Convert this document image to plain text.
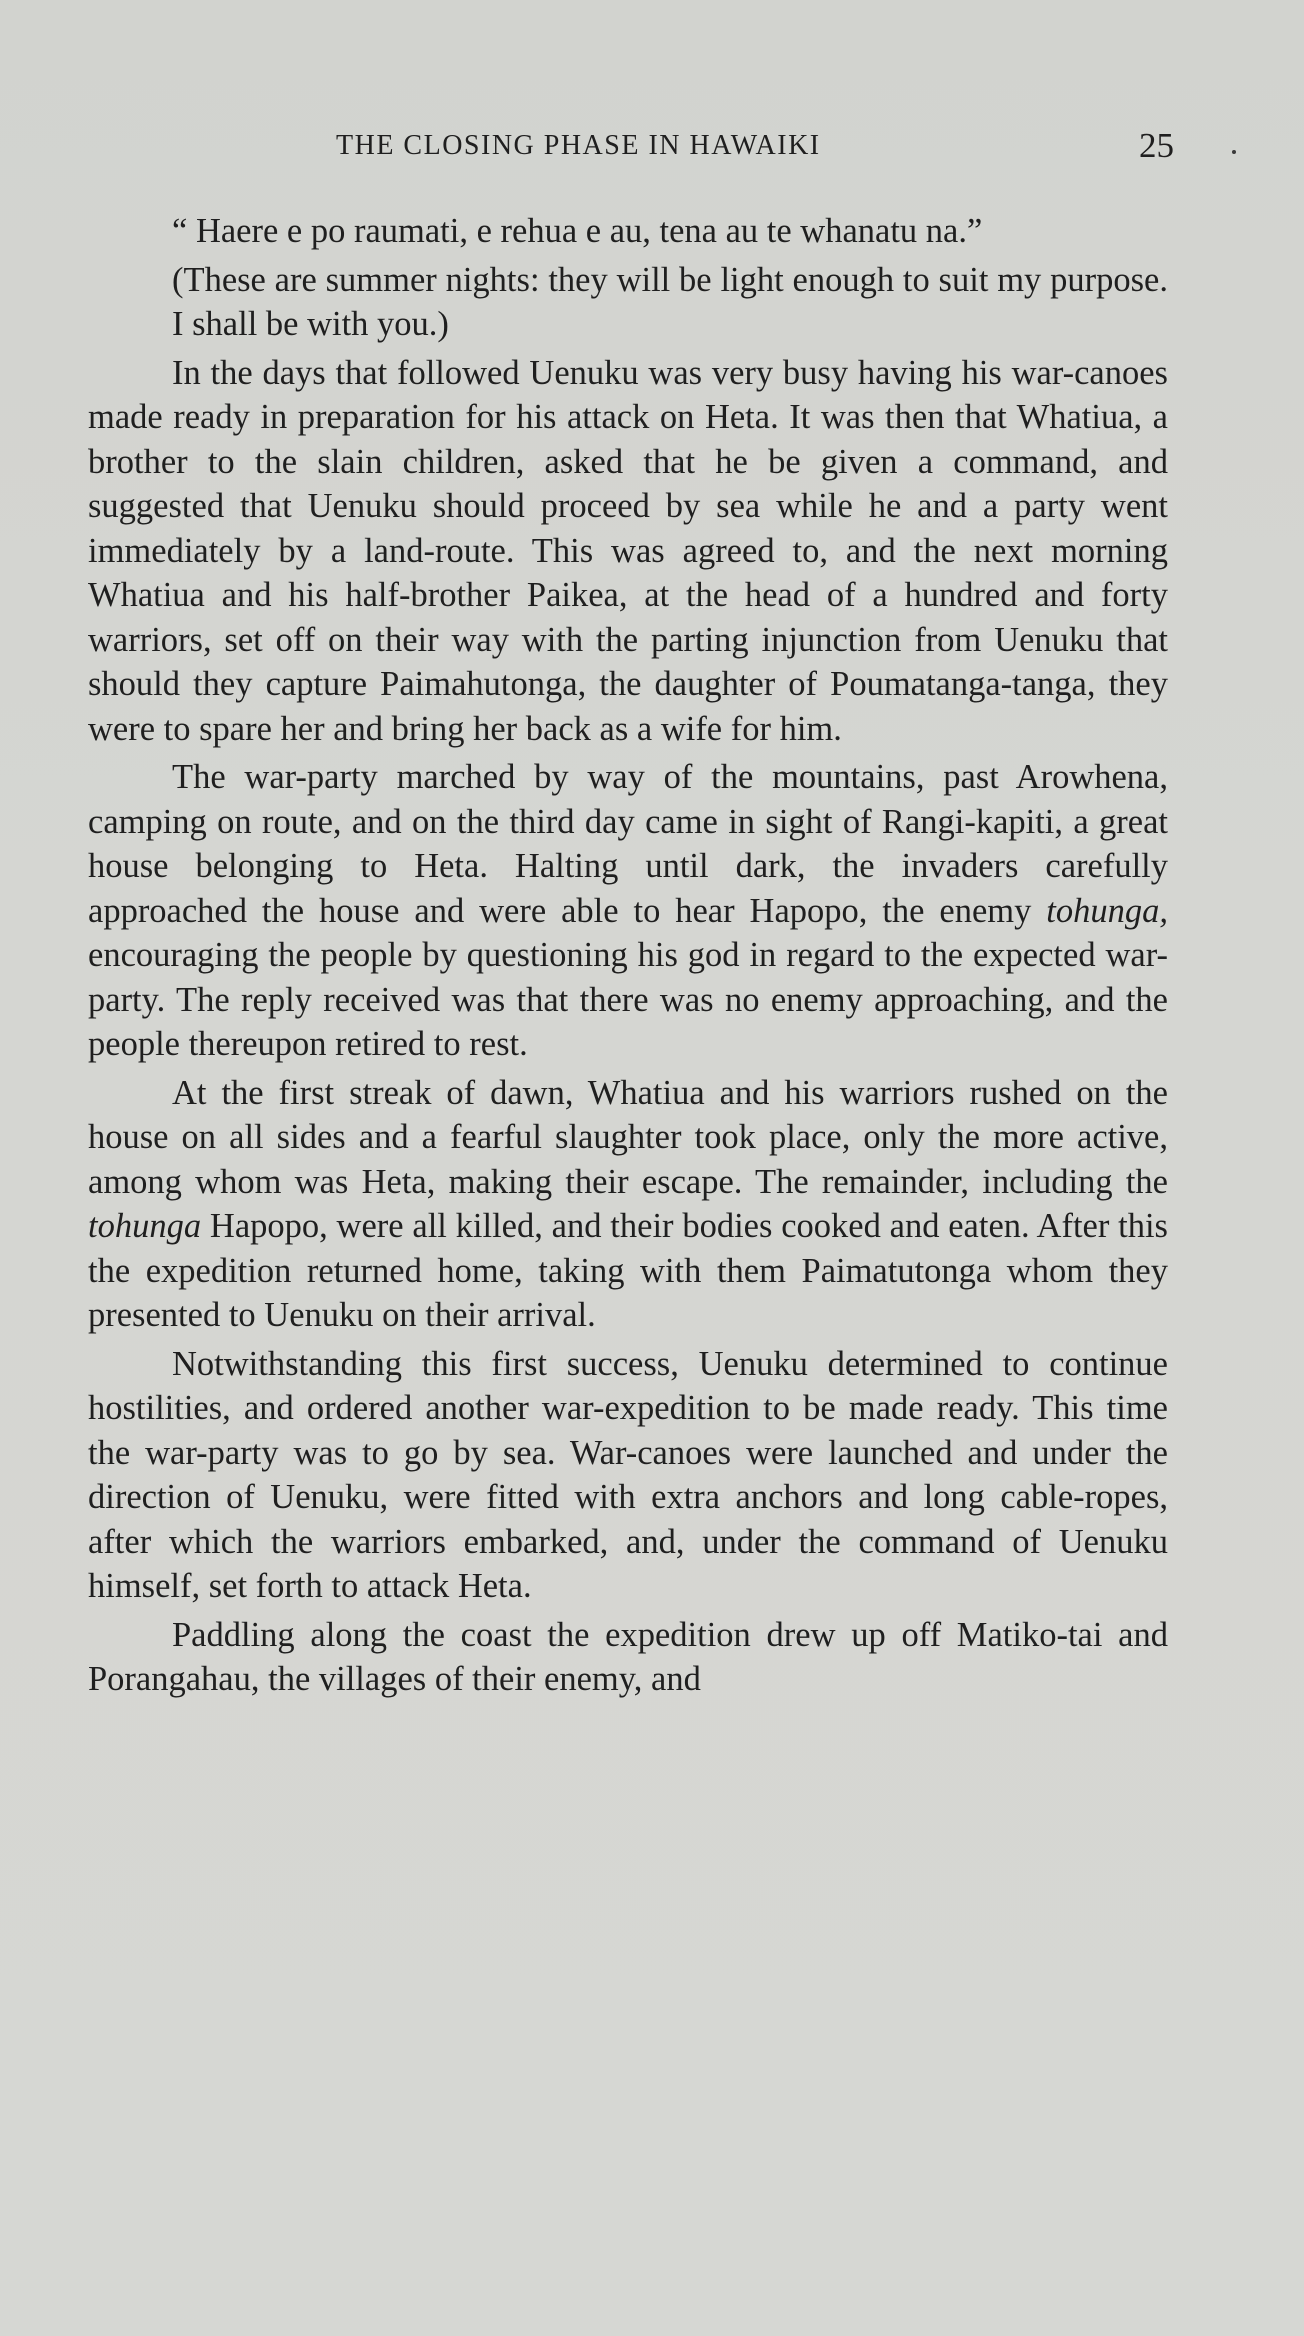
THE CLOSING PHASE IN HAWAIKI	25

“ Haere e po raumati, e rehua e au, tena au te whanatu na.”

(These are summer nights: they will be light enough to suit my purpose. I shall be with you.)

In the days that followed Uenuku was very busy having his war-canoes made ready in preparation for his attack on Heta. It was then that Whatiua, a brother to the slain children, asked that he be given a command, and suggested that Uenuku should proceed by sea while he and a party went immediately by a land-route. This was agreed to, and the next morning Whatiua and his half-brother Paikea, at the head of a hundred and forty warriors, set off on their way with the parting injunction from Uenuku that should they capture Paimahutonga, the daughter of Poumatanga-tanga, they were to spare her and bring her back as a wife for him.

The war-party marched by way of the mountains, past Arowhena, camping on route, and on the third day came in sight of Rangi-kapiti, a great house belonging to Heta. Halting until dark, the invaders carefully approached the house and were able to hear Hapopo, the enemy tohunga, encouraging the people by questioning his god in regard to the expected war-party. The reply received was that there was no enemy approaching, and the people thereupon retired to rest.

At the first streak of dawn, Whatiua and his warriors rushed on the house on all sides and a fearful slaughter took place, only the more active, among whom was Heta, making their escape. The remainder, including the tohunga Hapopo, were all killed, and their bodies cooked and eaten. After this the expedition returned home, taking with them Paimatutonga whom they presented to Uenuku on their arrival.

Notwithstanding this first success, Uenuku determined to continue hostilities, and ordered another war-expedition to be made ready. This time the war-party was to go by sea. War-canoes were launched and under the direction of Uenuku, were fitted with extra anchors and long cable-ropes, after which the warriors embarked, and, under the command of Uenuku himself, set forth to attack Heta.

Paddling along the coast the expedition drew up off Matiko-tai and Porangahau, the villages of their enemy, and
